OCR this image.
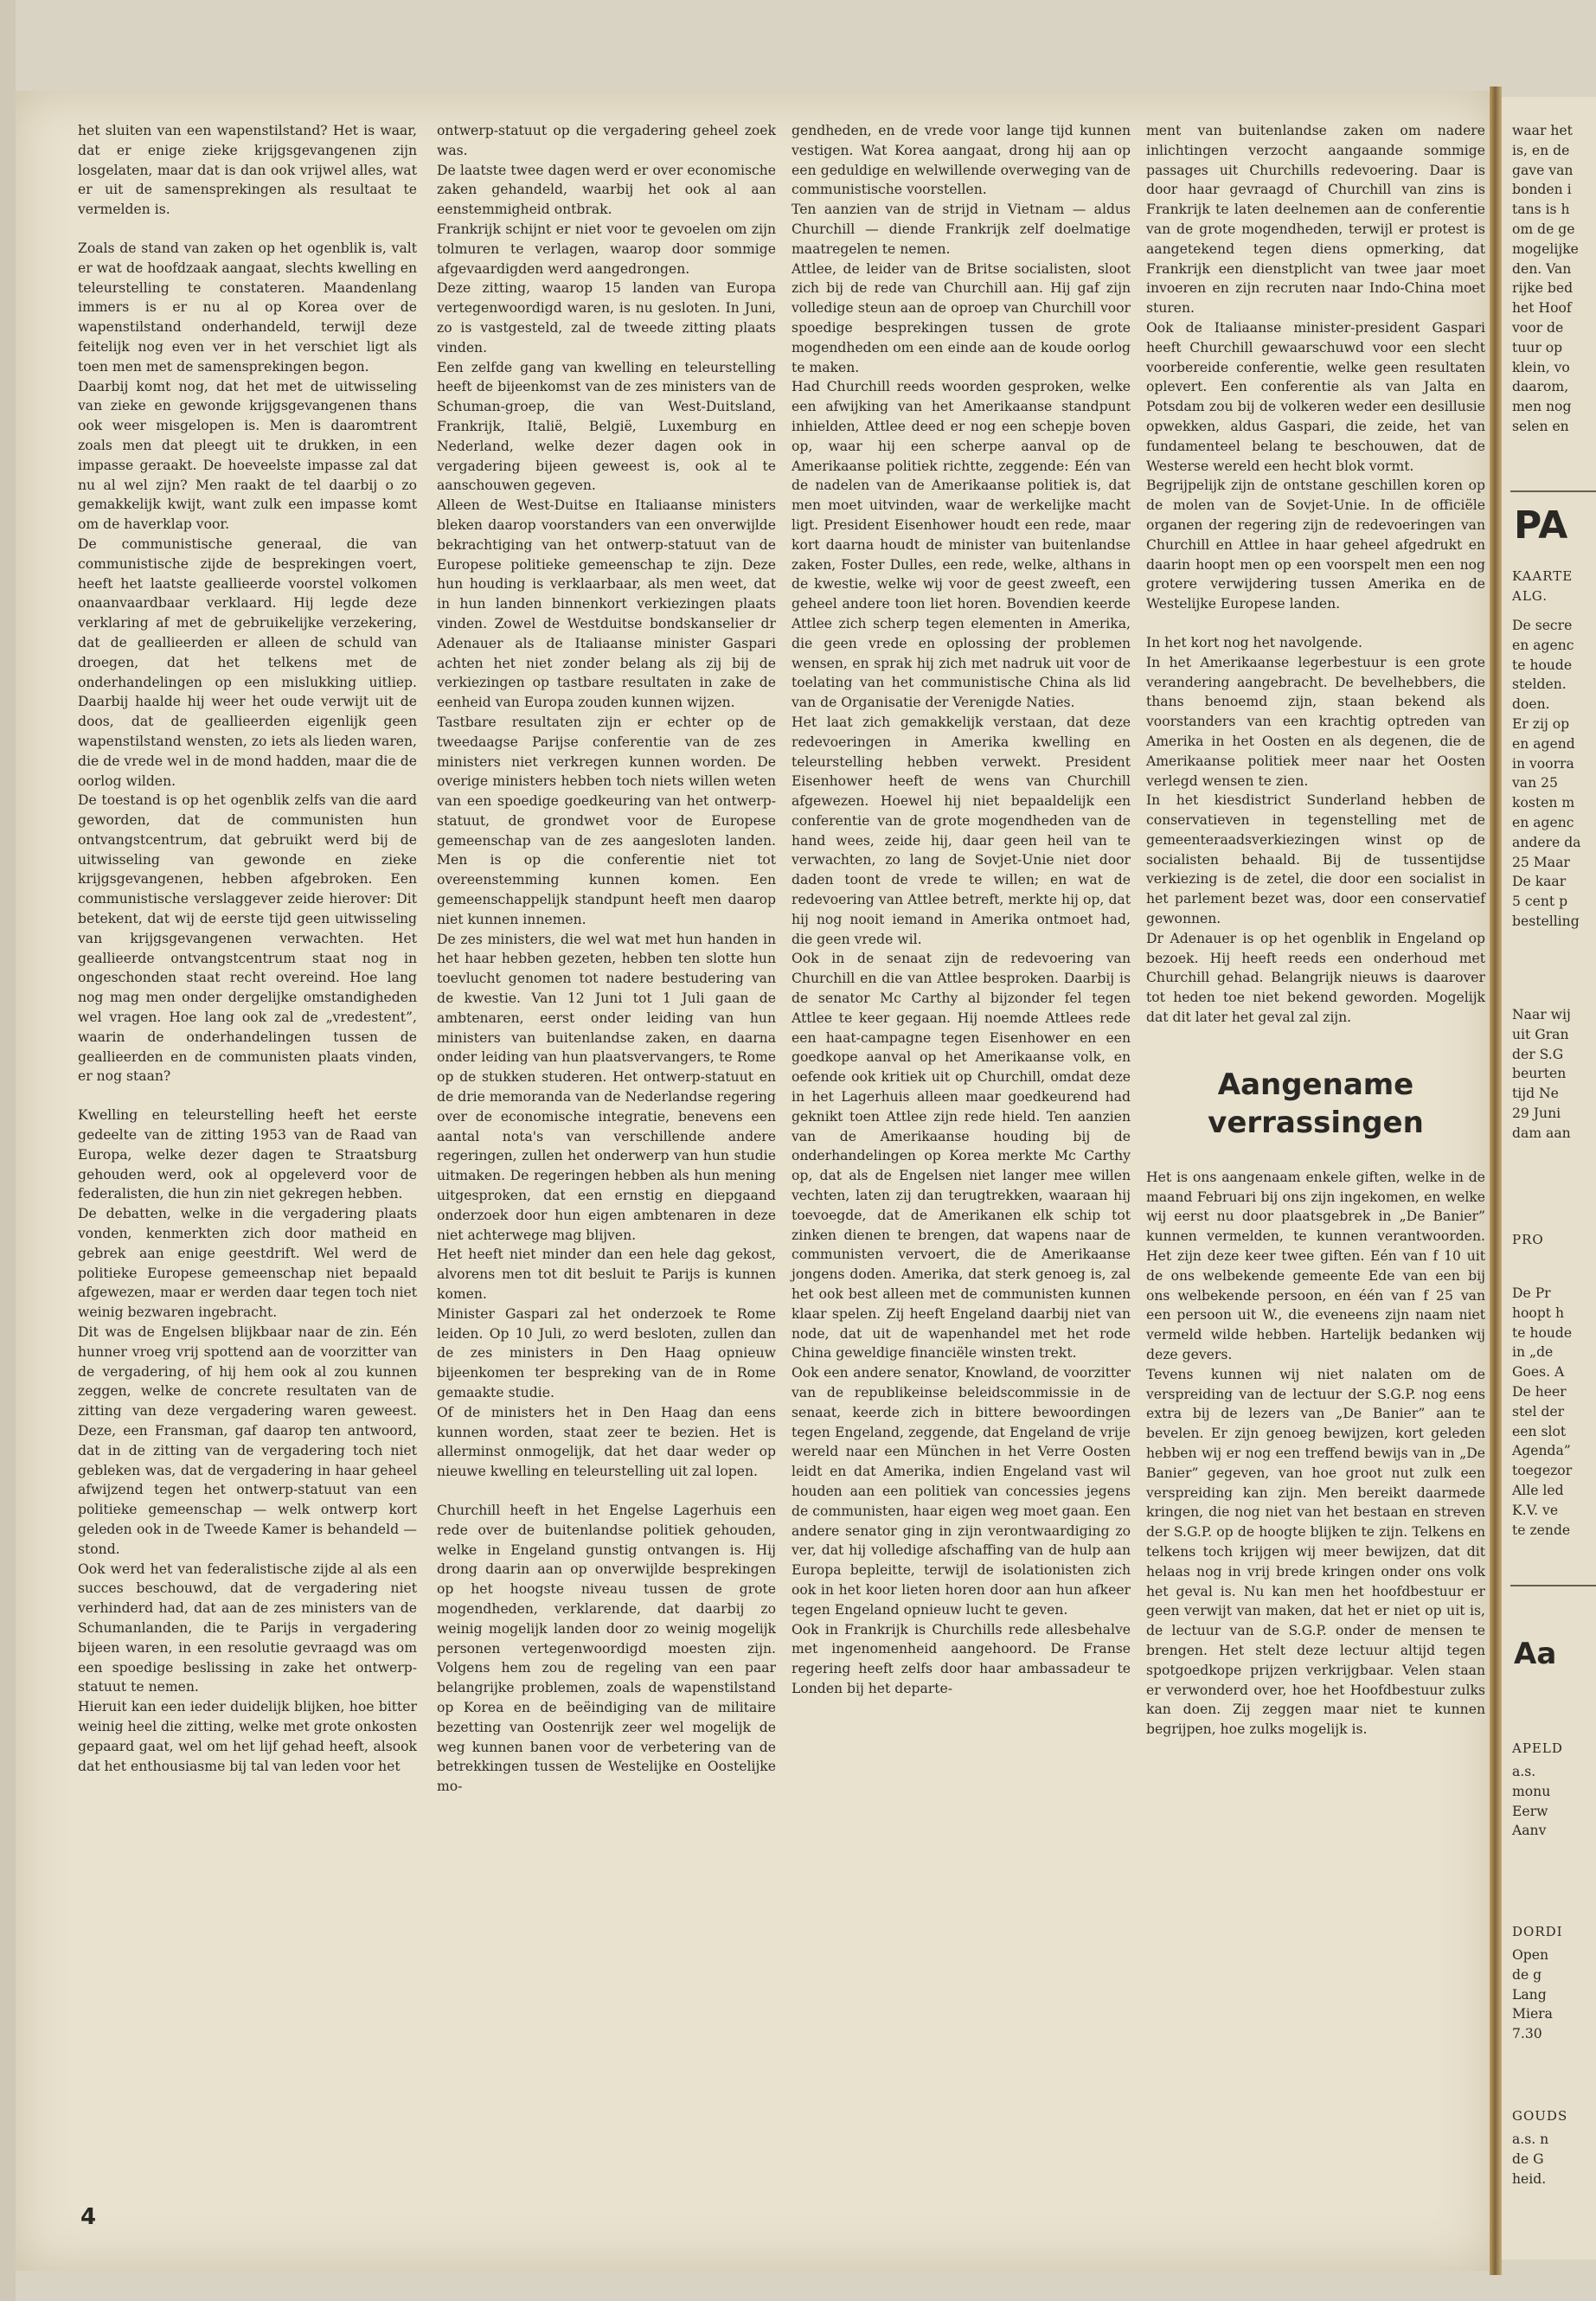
het sluiten van een wapenstilstand? Het is waar, dat er enige zieke krijgsgevangenen zijn losgelaten, maar dat is dan ook vrijwel alles, wat er uit de samensprekingen als resultaat te vermelden is.

Zoals de stand van zaken op het ogenblik is, valt er wat de hoofdzaak aangaat, slechts kwelling en teleurstelling te constateren. Maandenlang immers is er nu al op Korea over de wapenstilstand onderhandeld, terwijl deze feitelijk nog even ver in het verschiet ligt als toen men met de samensprekingen begon.

Daarbij komt nog, dat het met de uitwisseling van zieke en gewonde krijgsgevangenen thans ook weer misgelopen is. Men is daaromtrent zoals men dat pleegt uit te drukken, in een impasse geraakt. De hoeveelste impasse zal dat nu al wel zijn? Men raakt de tel daarbij o zo gemakkelijk kwijt, want zulk een impasse komt om de haverklap voor.

De communistische generaal, die van communistische zijde de besprekingen voert, heeft het laatste geallieerde voorstel volkomen onaanvaardbaar verklaard. Hij legde deze verklaring af met de gebruikelijke verzekering, dat de geallieerden er alleen de schuld van droegen, dat het telkens met de onderhandelingen op een mislukking uitliep. Daarbij haalde hij weer het oude verwijt uit de doos, dat de geallieerden eigenlijk geen wapenstilstand wensten, zo iets als lieden waren, die de vrede wel in de mond hadden, maar die de oorlog wilden.

De toestand is op het ogenblik zelfs van die aard geworden, dat de communisten hun ontvangstcentrum, dat gebruikt werd bij de uitwisseling van gewonde en zieke krijgsgevangenen, hebben afgebroken. Een communistische verslaggever zeide hierover: Dit betekent, dat wij de eerste tijd geen uitwisseling van krijgsgevangenen verwachten. Het geallieerde ontvangstcentrum staat nog in ongeschonden staat recht overeind. Hoe lang nog mag men onder dergelijke omstandigheden wel vragen. Hoe lang ook zal de „vredestent”, waarin de onderhandelingen tussen de geallieerden en de communisten plaats vinden, er nog staan?

Kwelling en teleurstelling heeft het eerste gedeelte van de zitting 1953 van de Raad van Europa, welke dezer dagen te Straatsburg gehouden werd, ook al opgeleverd voor de federalisten, die hun zin niet gekregen hebben.

De debatten, welke in die vergadering plaats vonden, kenmerkten zich door matheid en gebrek aan enige geestdrift. Wel werd de politieke Europese gemeenschap niet bepaald afgewezen, maar er werden daar tegen toch niet weinig bezwaren ingebracht.

Dit was de Engelsen blijkbaar naar de zin. Eén hunner vroeg vrij spottend aan de voorzitter van de vergadering, of hij hem ook al zou kunnen zeggen, welke de concrete resultaten van de zitting van deze vergadering waren geweest. Deze, een Fransman, gaf daarop ten antwoord, dat in de zitting van de vergadering toch niet gebleken was, dat de vergadering in haar geheel afwijzend tegen het ontwerp-statuut van een politieke gemeenschap — welk ontwerp kort geleden ook in de Tweede Kamer is behandeld — stond.

Ook werd het van federalistische zijde al als een succes beschouwd, dat de vergadering niet verhinderd had, dat aan de zes ministers van de Schumanlanden, die te Parijs in vergadering bijeen waren, in een resolutie gevraagd was om een spoedige beslissing in zake het ontwerp-statuut te nemen.

Hieruit kan een ieder duidelijk blijken, hoe bitter weinig heel die zitting, welke met grote onkosten gepaard gaat, wel om het lijf gehad heeft, alsook dat het enthousiasme bij tal van leden voor het

ontwerp-statuut op die vergadering geheel zoek was.

De laatste twee dagen werd er over economische zaken gehandeld, waarbij het ook al aan eenstemmigheid ontbrak.

Frankrijk schijnt er niet voor te gevoelen om zijn tolmuren te verlagen, waarop door sommige afgevaardigden werd aangedrongen.

Deze zitting, waarop 15 landen van Europa vertegenwoordigd waren, is nu gesloten. In Juni, zo is vastgesteld, zal de tweede zitting plaats vinden.

Een zelfde gang van kwelling en teleurstelling heeft de bijeenkomst van de zes ministers van de Schuman-groep, die van West-Duitsland, Frankrijk, Italië, België, Luxemburg en Nederland, welke dezer dagen ook in vergadering bijeen geweest is, ook al te aanschouwen gegeven.

Alleen de West-Duitse en Italiaanse ministers bleken daarop voorstanders van een onverwijlde bekrachtiging van het ontwerp-statuut van de Europese politieke gemeenschap te zijn. Deze hun houding is verklaarbaar, als men weet, dat in hun landen binnenkort verkiezingen plaats vinden. Zowel de Westduitse bondskanselier dr Adenauer als de Italiaanse minister Gaspari achten het niet zonder belang als zij bij de verkiezingen op tastbare resultaten in zake de eenheid van Europa zouden kunnen wijzen.

Tastbare resultaten zijn er echter op de tweedaagse Parijse conferentie van de zes ministers niet verkregen kunnen worden. De overige ministers hebben toch niets willen weten van een spoedige goedkeuring van het ontwerp-statuut, de grondwet voor de Europese gemeenschap van de zes aangesloten landen. Men is op die conferentie niet tot overeenstemming kunnen komen. Een gemeenschappelijk standpunt heeft men daarop niet kunnen innemen.

De zes ministers, die wel wat met hun handen in het haar hebben gezeten, hebben ten slotte hun toevlucht genomen tot nadere bestudering van de kwestie. Van 12 Juni tot 1 Juli gaan de ambtenaren, eerst onder leiding van hun ministers van buitenlandse zaken, en daarna onder leiding van hun plaatsvervangers, te Rome op de stukken studeren. Het ontwerp-statuut en de drie memoranda van de Nederlandse regering over de economische integratie, benevens een aantal nota's van verschillende andere regeringen, zullen het onderwerp van hun studie uitmaken. De regeringen hebben als hun mening uitgesproken, dat een ernstig en diepgaand onderzoek door hun eigen ambtenaren in deze niet achterwege mag blijven.

Het heeft niet minder dan een hele dag gekost, alvorens men tot dit besluit te Parijs is kunnen komen.

Minister Gaspari zal het onderzoek te Rome leiden. Op 10 Juli, zo werd besloten, zullen dan de zes ministers in Den Haag opnieuw bijeenkomen ter bespreking van de in Rome gemaakte studie.

Of de ministers het in Den Haag dan eens kunnen worden, staat zeer te bezien. Het is allerminst onmogelijk, dat het daar weder op nieuwe kwelling en teleurstelling uit zal lopen.

Churchill heeft in het Engelse Lagerhuis een rede over de buitenlandse politiek gehouden, welke in Engeland gunstig ontvangen is. Hij drong daarin aan op onverwijlde besprekingen op het hoogste niveau tussen de grote mogendheden, verklarende, dat daarbij zo weinig mogelijk landen door zo weinig mogelijk personen vertegenwoordigd moesten zijn. Volgens hem zou de regeling van een paar belangrijke problemen, zoals de wapenstilstand op Korea en de beëindiging van de militaire bezetting van Oostenrijk zeer wel mogelijk de weg kunnen banen voor de verbetering van de betrekkingen tussen de Westelijke en Oostelijke mo-

gendheden, en de vrede voor lange tijd kunnen vestigen. Wat Korea aangaat, drong hij aan op een geduldige en welwillende overweging van de communistische voorstellen.

Ten aanzien van de strijd in Vietnam — aldus Churchill — diende Frankrijk zelf doelmatige maatregelen te nemen.

Attlee, de leider van de Britse socialisten, sloot zich bij de rede van Churchill aan. Hij gaf zijn volledige steun aan de oproep van Churchill voor spoedige besprekingen tussen de grote mogendheden om een einde aan de koude oorlog te maken.

Had Churchill reeds woorden gesproken, welke een afwijking van het Amerikaanse standpunt inhielden, Attlee deed er nog een schepje boven op, waar hij een scherpe aanval op de Amerikaanse politiek richtte, zeggende: Eén van de nadelen van de Amerikaanse politiek is, dat men moet uitvinden, waar de werkelijke macht ligt. President Eisenhower houdt een rede, maar kort daarna houdt de minister van buitenlandse zaken, Foster Dulles, een rede, welke, althans in de kwestie, welke wij voor de geest zweeft, een geheel andere toon liet horen. Bovendien keerde Attlee zich scherp tegen elementen in Amerika, die geen vrede en oplossing der problemen wensen, en sprak hij zich met nadruk uit voor de toelating van het communistische China als lid van de Organisatie der Verenigde Naties.

Het laat zich gemakkelijk verstaan, dat deze redevoeringen in Amerika kwelling en teleurstelling hebben verwekt. President Eisenhower heeft de wens van Churchill afgewezen. Hoewel hij niet bepaaldelijk een conferentie van de grote mogendheden van de hand wees, zeide hij, daar geen heil van te verwachten, zo lang de Sovjet-Unie niet door daden toont de vrede te willen; en wat de redevoering van Attlee betreft, merkte hij op, dat hij nog nooit iemand in Amerika ontmoet had, die geen vrede wil.

Ook in de senaat zijn de redevoering van Churchill en die van Attlee besproken. Daarbij is de senator Mc Carthy al bijzonder fel tegen Attlee te keer gegaan. Hij noemde Attlees rede een haat-campagne tegen Eisenhower en een goedkope aanval op het Amerikaanse volk, en oefende ook kritiek uit op Churchill, omdat deze in het Lagerhuis alleen maar goedkeurend had geknikt toen Attlee zijn rede hield. Ten aanzien van de Amerikaanse houding bij de onderhandelingen op Korea merkte Mc Carthy op, dat als de Engelsen niet langer mee willen vechten, laten zij dan terugtrekken, waaraan hij toevoegde, dat de Amerikanen elk schip tot zinken dienen te brengen, dat wapens naar de communisten vervoert, die de Amerikaanse jongens doden. Amerika, dat sterk genoeg is, zal het ook best alleen met de communisten kunnen klaar spelen. Zij heeft Engeland daarbij niet van node, dat uit de wapenhandel met het rode China geweldige financiële winsten trekt.

Ook een andere senator, Knowland, de voorzitter van de republikeinse beleidscommissie in de senaat, keerde zich in bittere bewoordingen tegen Engeland, zeggende, dat Engeland de vrije wereld naar een München in het Verre Oosten leidt en dat Amerika, indien Engeland vast wil houden aan een politiek van concessies jegens de communisten, haar eigen weg moet gaan. Een andere senator ging in zijn verontwaardiging zo ver, dat hij volledige afschaffing van de hulp aan Europa bepleitte, terwijl de isolationisten zich ook in het koor lieten horen door aan hun afkeer tegen Engeland opnieuw lucht te geven.

Ook in Frankrijk is Churchills rede allesbehalve met ingenomenheid aangehoord. De Franse regering heeft zelfs door haar ambassadeur te Londen bij het departe-

ment van buitenlandse zaken om nadere inlichtingen verzocht aangaande sommige passages uit Churchills redevoering. Daar is door haar gevraagd of Churchill van zins is Frankrijk te laten deelnemen aan de conferentie van de grote mogendheden, terwijl er protest is aangetekend tegen diens opmerking, dat Frankrijk een dienstplicht van twee jaar moet invoeren en zijn recruten naar Indo-China moet sturen.

Ook de Italiaanse minister-president Gaspari heeft Churchill gewaarschuwd voor een slecht voorbereide conferentie, welke geen resultaten oplevert. Een conferentie als van Jalta en Potsdam zou bij de volkeren weder een desillusie opwekken, aldus Gaspari, die zeide, het van fundamenteel belang te beschouwen, dat de Westerse wereld een hecht blok vormt.

Begrijpelijk zijn de ontstane geschillen koren op de molen van de Sovjet-Unie. In de officiële organen der regering zijn de redevoeringen van Churchill en Attlee in haar geheel afgedrukt en daarin hoopt men op een voorspelt men een nog grotere verwijdering tussen Amerika en de Westelijke Europese landen.

In het kort nog het navolgende.

In het Amerikaanse legerbestuur is een grote verandering aangebracht. De bevelhebbers, die thans benoemd zijn, staan bekend als voorstanders van een krachtig optreden van Amerika in het Oosten en als degenen, die de Amerikaanse politiek meer naar het Oosten verlegd wensen te zien.

In het kiesdistrict Sunderland hebben de conservatieven in tegenstelling met de gemeenteraadsverkiezingen winst op de socialisten behaald. Bij de tussentijdse verkiezing is de zetel, die door een socialist in het parlement bezet was, door een conservatief gewonnen.

Dr Adenauer is op het ogenblik in Engeland op bezoek. Hij heeft reeds een onderhoud met Churchill gehad. Belangrijk nieuws is daarover tot heden toe niet bekend geworden. Mogelijk dat dit later het geval zal zijn.

Aangename verrassingen

Het is ons aangenaam enkele giften, welke in de maand Februari bij ons zijn ingekomen, en welke wij eerst nu door plaatsgebrek in „De Banier” kunnen vermelden, te kunnen verantwoorden. Het zijn deze keer twee giften. Eén van f 10 uit de ons welbekende gemeente Ede van een bij ons welbekende persoon, en één van f 25 van een persoon uit W., die eveneens zijn naam niet vermeld wilde hebben. Hartelijk bedanken wij deze gevers.

Tevens kunnen wij niet nalaten om de verspreiding van de lectuur der S.G.P. nog eens extra bij de lezers van „De Banier” aan te bevelen. Er zijn genoeg bewijzen, kort geleden hebben wij er nog een treffend bewijs van in „De Banier” gegeven, van hoe groot nut zulk een verspreiding kan zijn. Men bereikt daarmede kringen, die nog niet van het bestaan en streven der S.G.P. op de hoogte blijken te zijn. Telkens en telkens toch krijgen wij meer bewijzen, dat dit helaas nog in vrij brede kringen onder ons volk het geval is. Nu kan men het hoofdbestuur er geen verwijt van maken, dat het er niet op uit is, de lectuur van de S.G.P. onder de mensen te brengen. Het stelt deze lectuur altijd tegen spotgoedkope prijzen verkrijgbaar. Velen staan er verwonderd over, hoe het Hoofdbestuur zulks kan doen. Zij zeggen maar niet te kunnen begrijpen, hoe zulks mogelijk is.

4
waar het
is, en de
gave van
bonden i
tans is h
om de ge
mogelijke
den. Van
rijke bed
het Hoof
voor de
tuur op
klein, vo
daarom,
men nog
selen en
PA
KAARTE
ALG.
De secre
en agenc
te houde
stelden.
doen.
Er zij op
en agend
in voorra
van 25
kosten m
en agenc
andere da
25 Maar
De kaar
5 cent p
bestelling
Naar wij
uit Gran
der S.G
beurten
tijd Ne
29 Juni
dam aan
PRO
De Pr
hoopt h
te houde
in „de
Goes. A
De heer
stel der
een slot
Agenda”
toegezor
Alle led
K.V. ve
te zende
Aa
APELD
a.s.
monu
Eerw
Aanv
DORDI
Open
de g
Lang
Miera
7.30
GOUDS
a.s. n
de G
heid.
